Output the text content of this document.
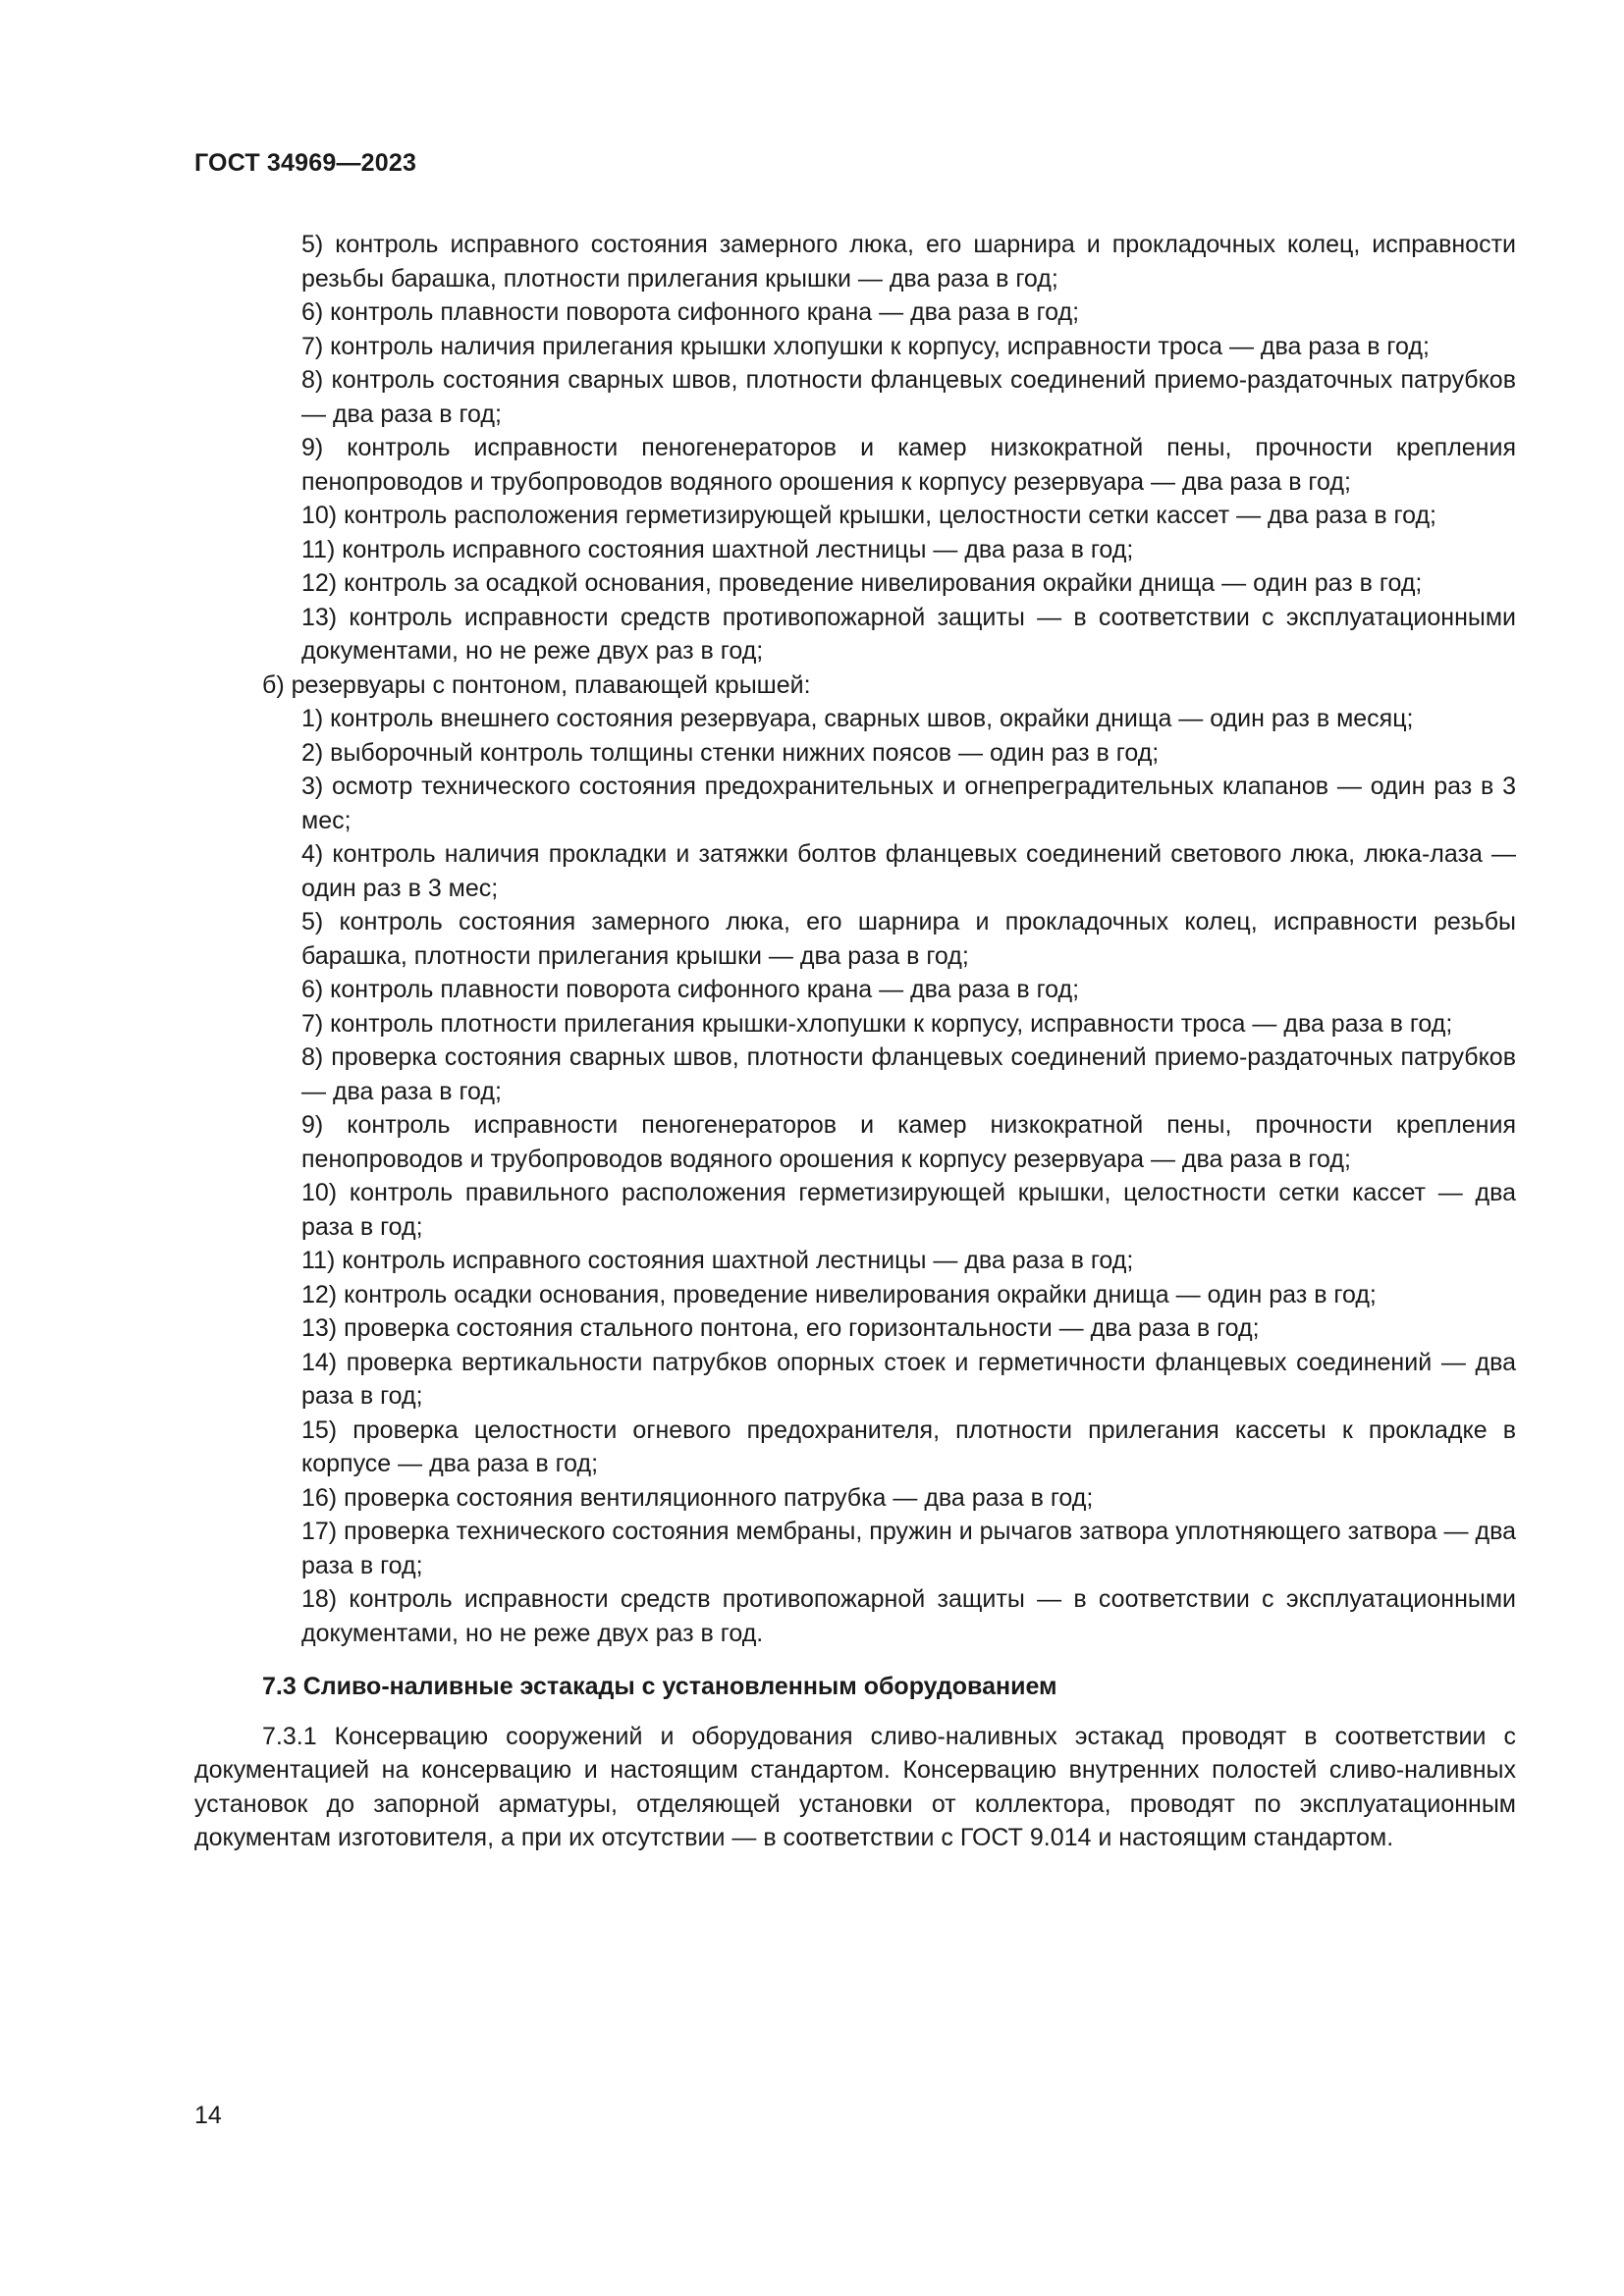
ГОСТ 34969—2023

5) контроль исправного состояния замерного люка, его шарнира и прокладочных колец, исправности резьбы барашка, плотности прилегания крышки — два раза в год;

6) контроль плавности поворота сифонного крана — два раза в год;

7) контроль наличия прилегания крышки хлопушки к корпусу, исправности троса — два раза в год;

8) контроль состояния сварных швов, плотности фланцевых соединений приемо-раздаточных патрубков — два раза в год;

9) контроль исправности пеногенераторов и камер низкократной пены, прочности крепления пенопроводов и трубопроводов водяного орошения к корпусу резервуара — два раза в год;

10) контроль расположения герметизирующей крышки, целостности сетки кассет — два раза в год;

11) контроль исправного состояния шахтной лестницы — два раза в год;

12) контроль за осадкой основания, проведение нивелирования окрайки днища — один раз в год;

13) контроль исправности средств противопожарной защиты — в соответствии с эксплуатационными документами, но не реже двух раз в год;

б) резервуары с понтоном, плавающей крышей:

1) контроль внешнего состояния резервуара, сварных швов, окрайки днища — один раз в месяц;

2) выборочный контроль толщины стенки нижних поясов — один раз в год;

3) осмотр технического состояния предохранительных и огнепреградительных клапанов — один раз в 3 мес;

4) контроль наличия прокладки и затяжки болтов фланцевых соединений светового люка, люка-лаза — один раз в 3 мес;

5) контроль состояния замерного люка, его шарнира и прокладочных колец, исправности резьбы барашка, плотности прилегания крышки — два раза в год;

6) контроль плавности поворота сифонного крана — два раза в год;

7) контроль плотности прилегания крышки-хлопушки к корпусу, исправности троса — два раза в год;

8) проверка состояния сварных швов, плотности фланцевых соединений приемо-раздаточных патрубков — два раза в год;

9) контроль исправности пеногенераторов и камер низкократной пены, прочности крепления пенопроводов и трубопроводов водяного орошения к корпусу резервуара — два раза в год;

10) контроль правильного расположения герметизирующей крышки, целостности сетки кассет — два раза в год;

11) контроль исправного состояния шахтной лестницы — два раза в год;

12) контроль осадки основания, проведение нивелирования окрайки днища — один раз в год;

13) проверка состояния стального понтона, его горизонтальности — два раза в год;

14) проверка вертикальности патрубков опорных стоек и герметичности фланцевых соединений — два раза в год;

15) проверка целостности огневого предохранителя, плотности прилегания кассеты к прокладке в корпусе — два раза в год;

16) проверка состояния вентиляционного патрубка — два раза в год;

17) проверка технического состояния мембраны, пружин и рычагов затвора уплотняющего затвора — два раза в год;

18) контроль исправности средств противопожарной защиты — в соответствии с эксплуатационными документами, но не реже двух раз в год.

7.3 Сливо-наливные эстакады с установленным оборудованием

7.3.1 Консервацию сооружений и оборудования сливо-наливных эстакад проводят в соответствии с документацией на консервацию и настоящим стандартом. Консервацию внутренних полостей сливо-наливных установок до запорной арматуры, отделяющей установки от коллектора, проводят по эксплуатационным документам изготовителя, а при их отсутствии — в соответствии с ГОСТ 9.014 и настоящим стандартом.

14
